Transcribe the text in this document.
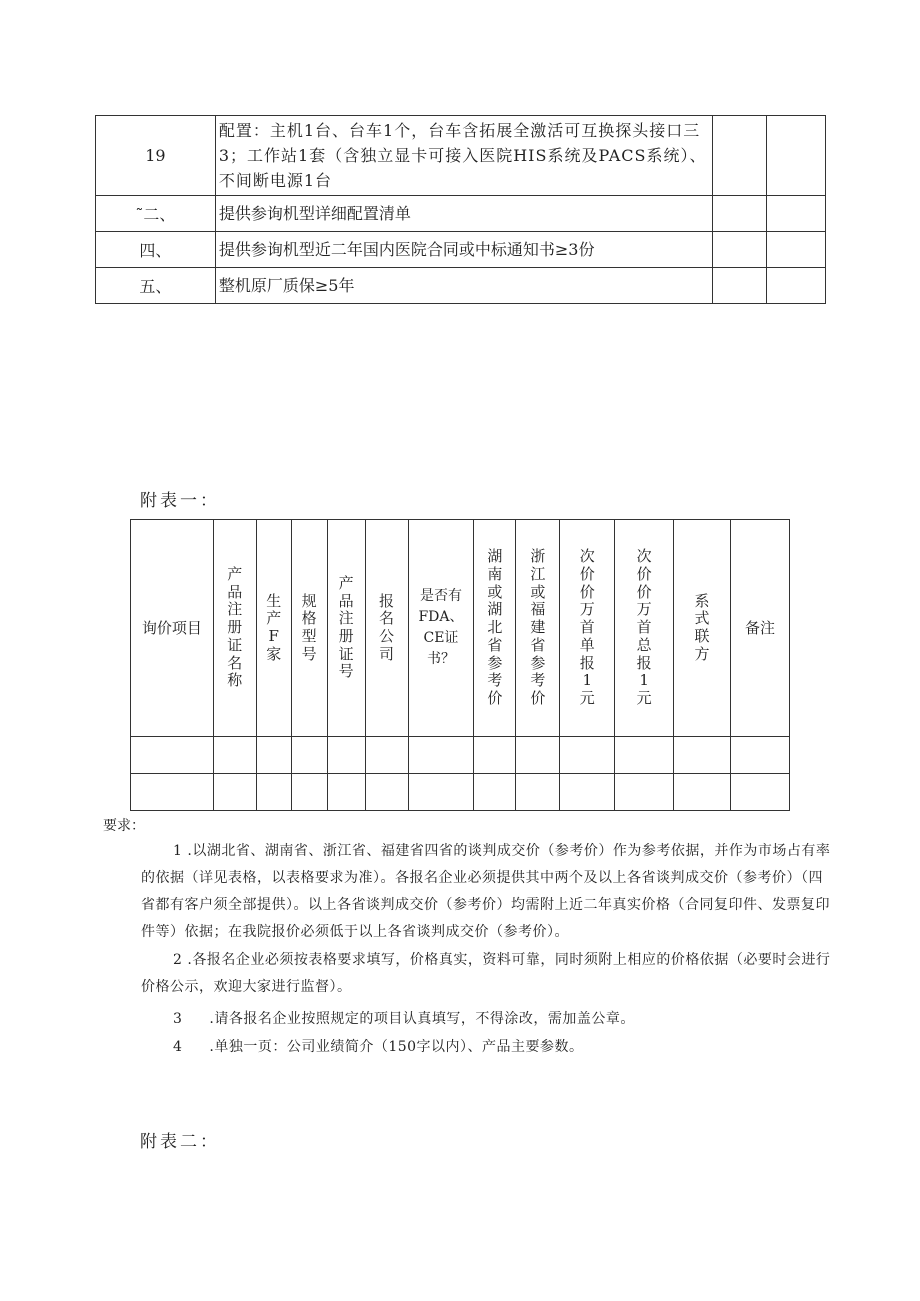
19	配置：主机1台、台车1个，台车含拓展全激活可互换探头接口三3；工作站1套（含独立显卡可接入医院HIS系统及PACS系统）、不间断电源1台		
˜二、	提供参询机型详细配置清单		
四、	提供参询机型近二年国内医院合同或中标通知书≥3份		
五、	整机原厂质保≥5年		
附表一：
询价项目	产品注册证名称	生产F家	规格型号	产品注册证号	报名公司	是否有FDA、CE证书？	湖南或湖北省参考价	浙江或福建省参考价	次价价万首单报1元	次价价万首总报1元	系式联方	备注

要求：
1 .以湖北省、湖南省、浙江省、福建省四省的谈判成交价（参考价）作为参考依据，并作为市场占有率的依据（详见表格，以表格要求为准）。各报名企业必须提供其中两个及以上各省谈判成交价（参考价）（四省都有客户须全部提供）。以上各省谈判成交价（参考价）均需附上近二年真实价格（合同复印件、发票复印件等）依据；在我院报价必须低于以上各省谈判成交价（参考价）。
2 .各报名企业必须按表格要求填写，价格真实，资料可靠，同时须附上相应的价格依据（必要时会进行价格公示，欢迎大家进行监督）。
3 .请各报名企业按照规定的项目认真填写，不得涂改，需加盖公章。
4 .单独一页：公司业绩简介（150字以内）、产品主要参数。
附表二：
